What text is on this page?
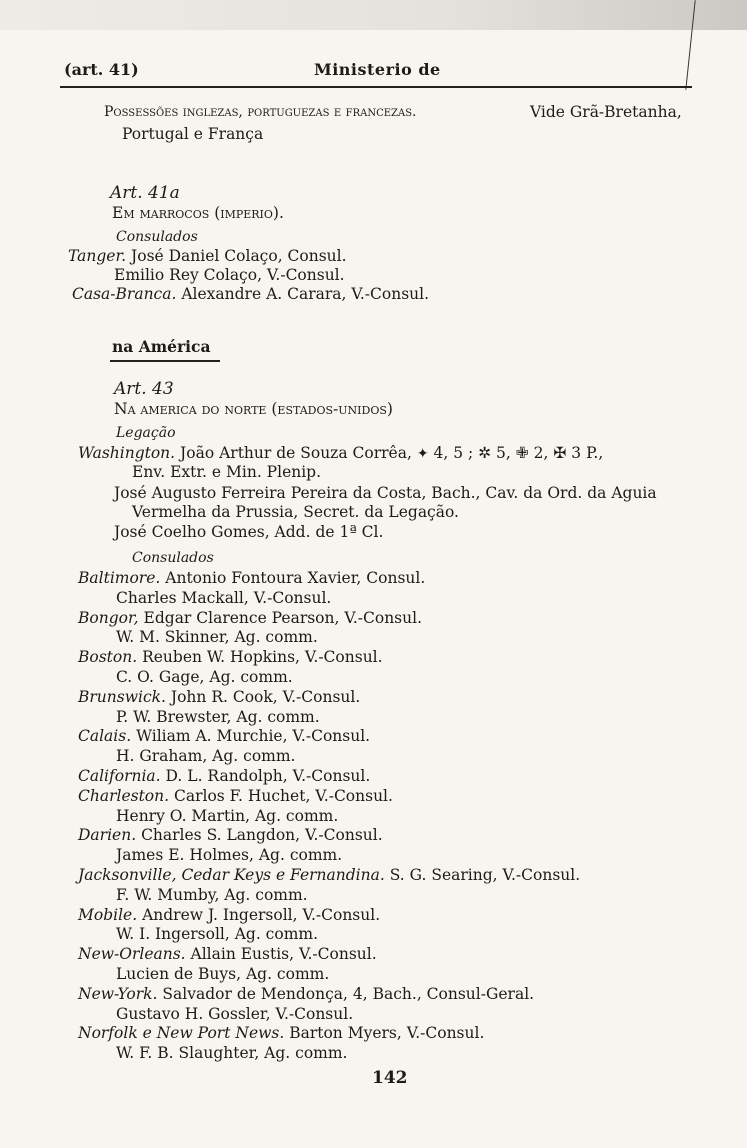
(art. 41)	Ministerio de
Possessões inglezas, portuguezas e francezas.	Vide Grã-Bretanha,
Portugal e França
Art. 41a
Em marrocos (imperio).
Consulados
Tanger. José Daniel Colaço, Consul.
Emilio Rey Colaço, V.-Consul.
Casa-Branca. Alexandre A. Carara, V.-Consul.
na América
Art. 43
Na america do norte (estados-unidos)
Legação
Washington. João Arthur de Souza Corrêa, ✦ 4, 5 ; ✲ 5, ✙ 2, ✠ 3 P.,
Env. Extr. e Min. Plenip.
José Augusto Ferreira Pereira da Costa, Bach., Cav. da Ord. da Aguia
Vermelha da Prussia, Secret. da Legação.
José Coelho Gomes, Add. de 1ª Cl.
Consulados
Baltimore. Antonio Fontoura Xavier, Consul.
Charles Mackall, V.-Consul.
Bongor, Edgar Clarence Pearson, V.-Consul.
W. M. Skinner, Ag. comm.
Boston. Reuben W. Hopkins, V.-Consul.
C. O. Gage, Ag. comm.
Brunswick. John R. Cook, V.-Consul.
P. W. Brewster, Ag. comm.
Calais. Wiliam A. Murchie, V.-Consul.
H. Graham, Ag. comm.
California. D. L. Randolph, V.-Consul.
Charleston. Carlos F. Huchet, V.-Consul.
Henry O. Martin, Ag. comm.
Darien. Charles S. Langdon, V.-Consul.
James E. Holmes, Ag. comm.
Jacksonville, Cedar Keys e Fernandina. S. G. Searing, V.-Consul.
F. W. Mumby, Ag. comm.
Mobile. Andrew J. Ingersoll, V.-Consul.
W. I. Ingersoll, Ag. comm.
New-Orleans. Allain Eustis, V.-Consul.
Lucien de Buys, Ag. comm.
New-York. Salvador de Mendonça, 4, Bach., Consul-Geral.
Gustavo H. Gossler, V.-Consul.
Norfolk e New Port News. Barton Myers, V.-Consul.
W. F. B. Slaughter, Ag. comm.
142
